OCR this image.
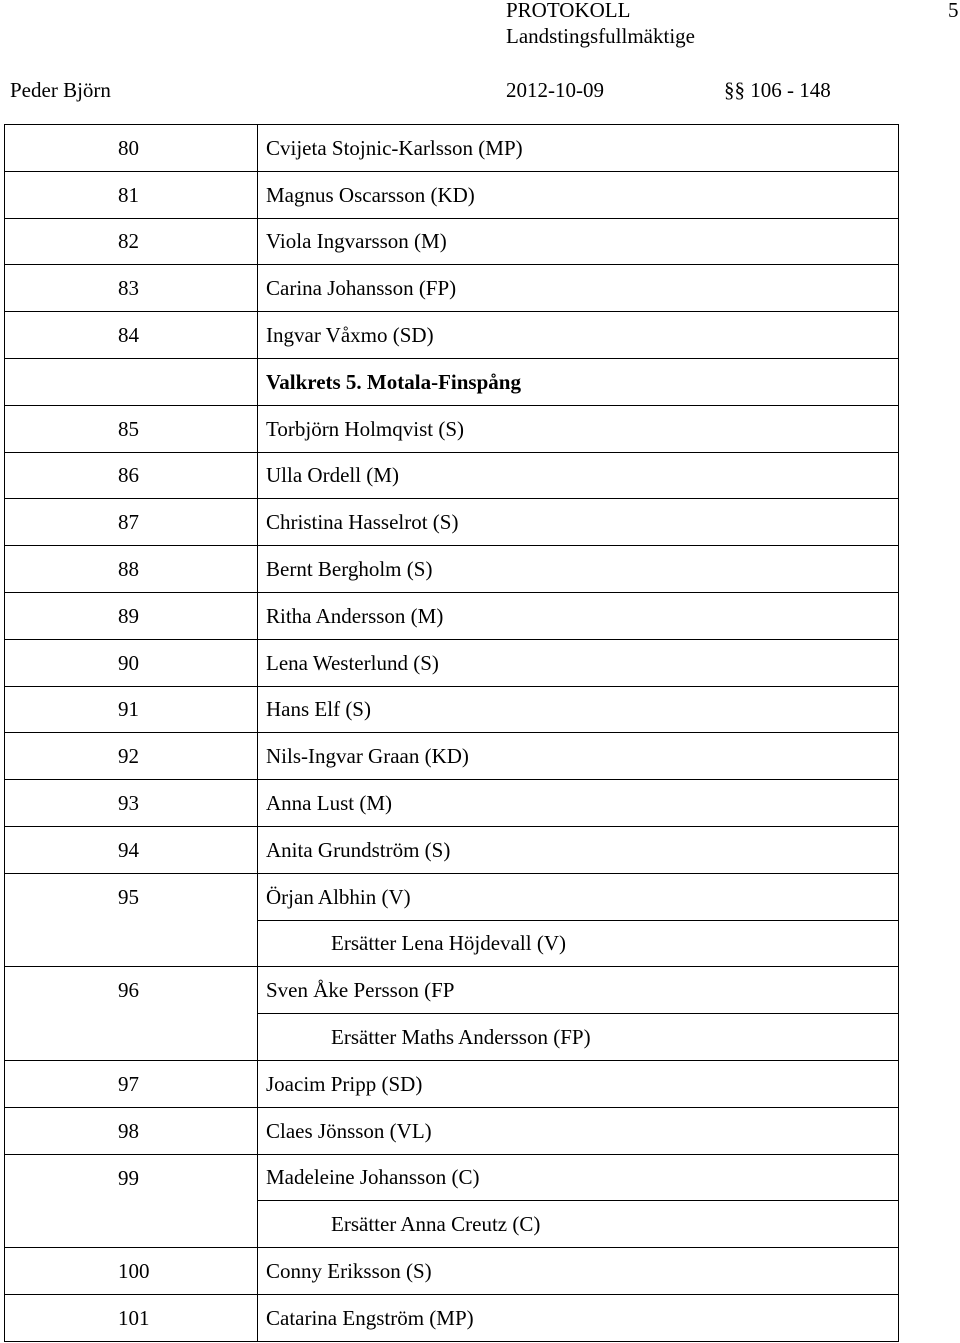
PROTOKOLL
Landstingsfullmäktige
5
Peder Björn	2012-10-09	§§ 106 - 148
80	Cvijeta Stojnic-Karlsson (MP)
81	Magnus Oscarsson (KD)
82	Viola Ingvarsson (M)
83	Carina Johansson (FP)
84	Ingvar Våxmo (SD)
	Valkrets 5. Motala-Finspång
85	Torbjörn Holmqvist (S)
86	Ulla Ordell (M)
87	Christina Hasselrot (S)
88	Bernt Bergholm (S)
89	Ritha Andersson (M)
90	Lena Westerlund (S)
91	Hans Elf (S)
92	Nils-Ingvar Graan (KD)
93	Anna Lust (M)
94	Anita Grundström (S)
95	Örjan Albhin (V)
	Ersätter Lena Höjdevall (V)
96	Sven Åke Persson (FP
	Ersätter Maths Andersson (FP)
97	Joacim Pripp (SD)
98	Claes Jönsson (VL)
99	Madeleine Johansson (C)
	Ersätter Anna Creutz (C)
100	Conny Eriksson (S)
101	Catarina Engström (MP)
